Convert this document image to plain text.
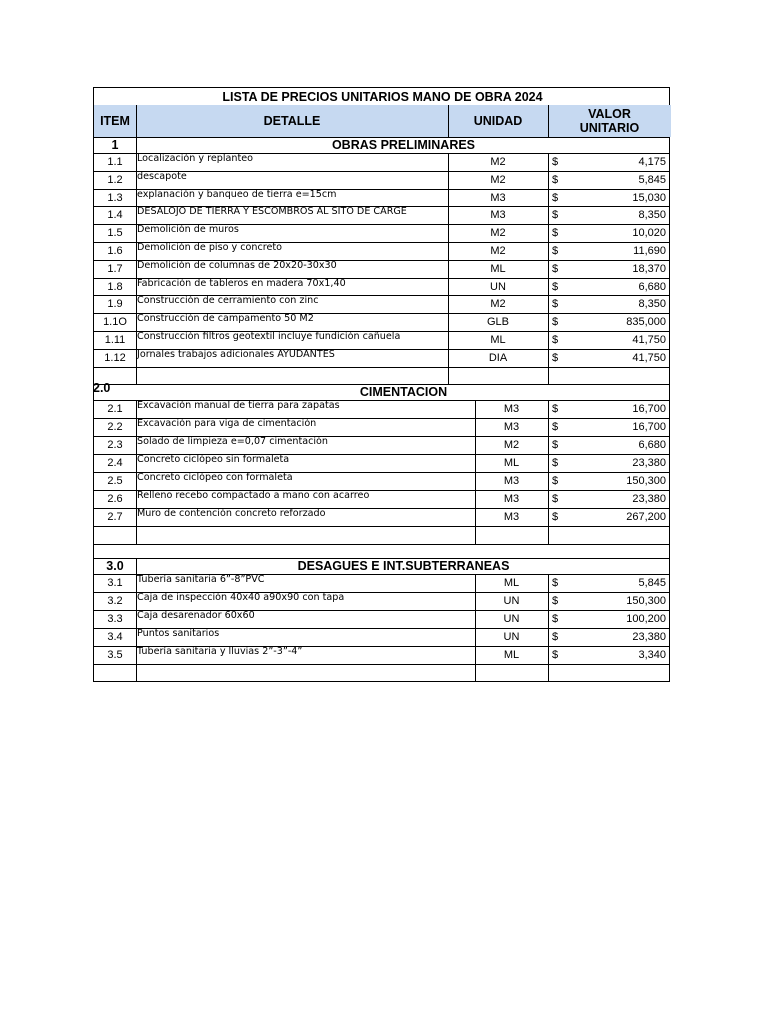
LISTA DE PRECIOS UNITARIOS MANO DE OBRA 2024
ITEM	DETALLE	UNIDAD	VALOR
UNITARIO
1	OBRAS PRELIMINARES
1.1	Localización y replanteo	M2	$	4,175
1.2	descapote	M2	$	5,845
1.3	explanación y banqueo de tierra e=15cm	M3	$	15,030
1.4	DESALOJO DE TIERRA Y ESCOMBROS AL SITO DE CARGE	M3	$	8,350
1.5	Demolición de muros	M2	$	10,020
1.6	Demolición de piso y concreto	M2	$	11,690
1.7	Demolición de columnas de 20x20-30x30	ML	$	18,370
1.8	Fabricación de tableros en madera 70x1,40	UN	$	6,680
1.9	Construcción de cerramiento con zinc	M2	$	8,350
1.1O	Construcción de campamento 50 M2	GLB	$	835,000
1.11	Construcción filtros geotextil incluye fundición cañuela	ML	$	41,750
1.12	Jornales trabajos adicionales AYUDANTES	DIA	$	41,750
2.0	CIMENTACION
2.1	Excavación manual de tierra para zapatas	M3	$	16,700
2.2	Excavación para viga de cimentación	M3	$	16,700
2.3	Solado de limpieza e=0,07 cimentación	M2	$	6,680
2.4	Concreto ciclópeo sin formaleta	ML	$	23,380
2.5	Concreto ciclópeo con formaleta	M3	$	150,300
2.6	Relleno recebo compactado a mano con acarreo	M3	$	23,380
2.7	Muro de contención concreto reforzado	M3	$	267,200
3.0	DESAGUES E INT.SUBTERRANEAS
3.1	Tubería sanitaria 6”-8”PVC	ML	$	5,845
3.2	Caja de inspección 40x40 a90x90 con tapa	UN	$	150,300
3.3	Caja desarenador 60x60	UN	$	100,200
3.4	Puntos sanitarios	UN	$	23,380
3.5	Tubería sanitaria y lluvias 2”-3”-4”	ML	$	3,340
